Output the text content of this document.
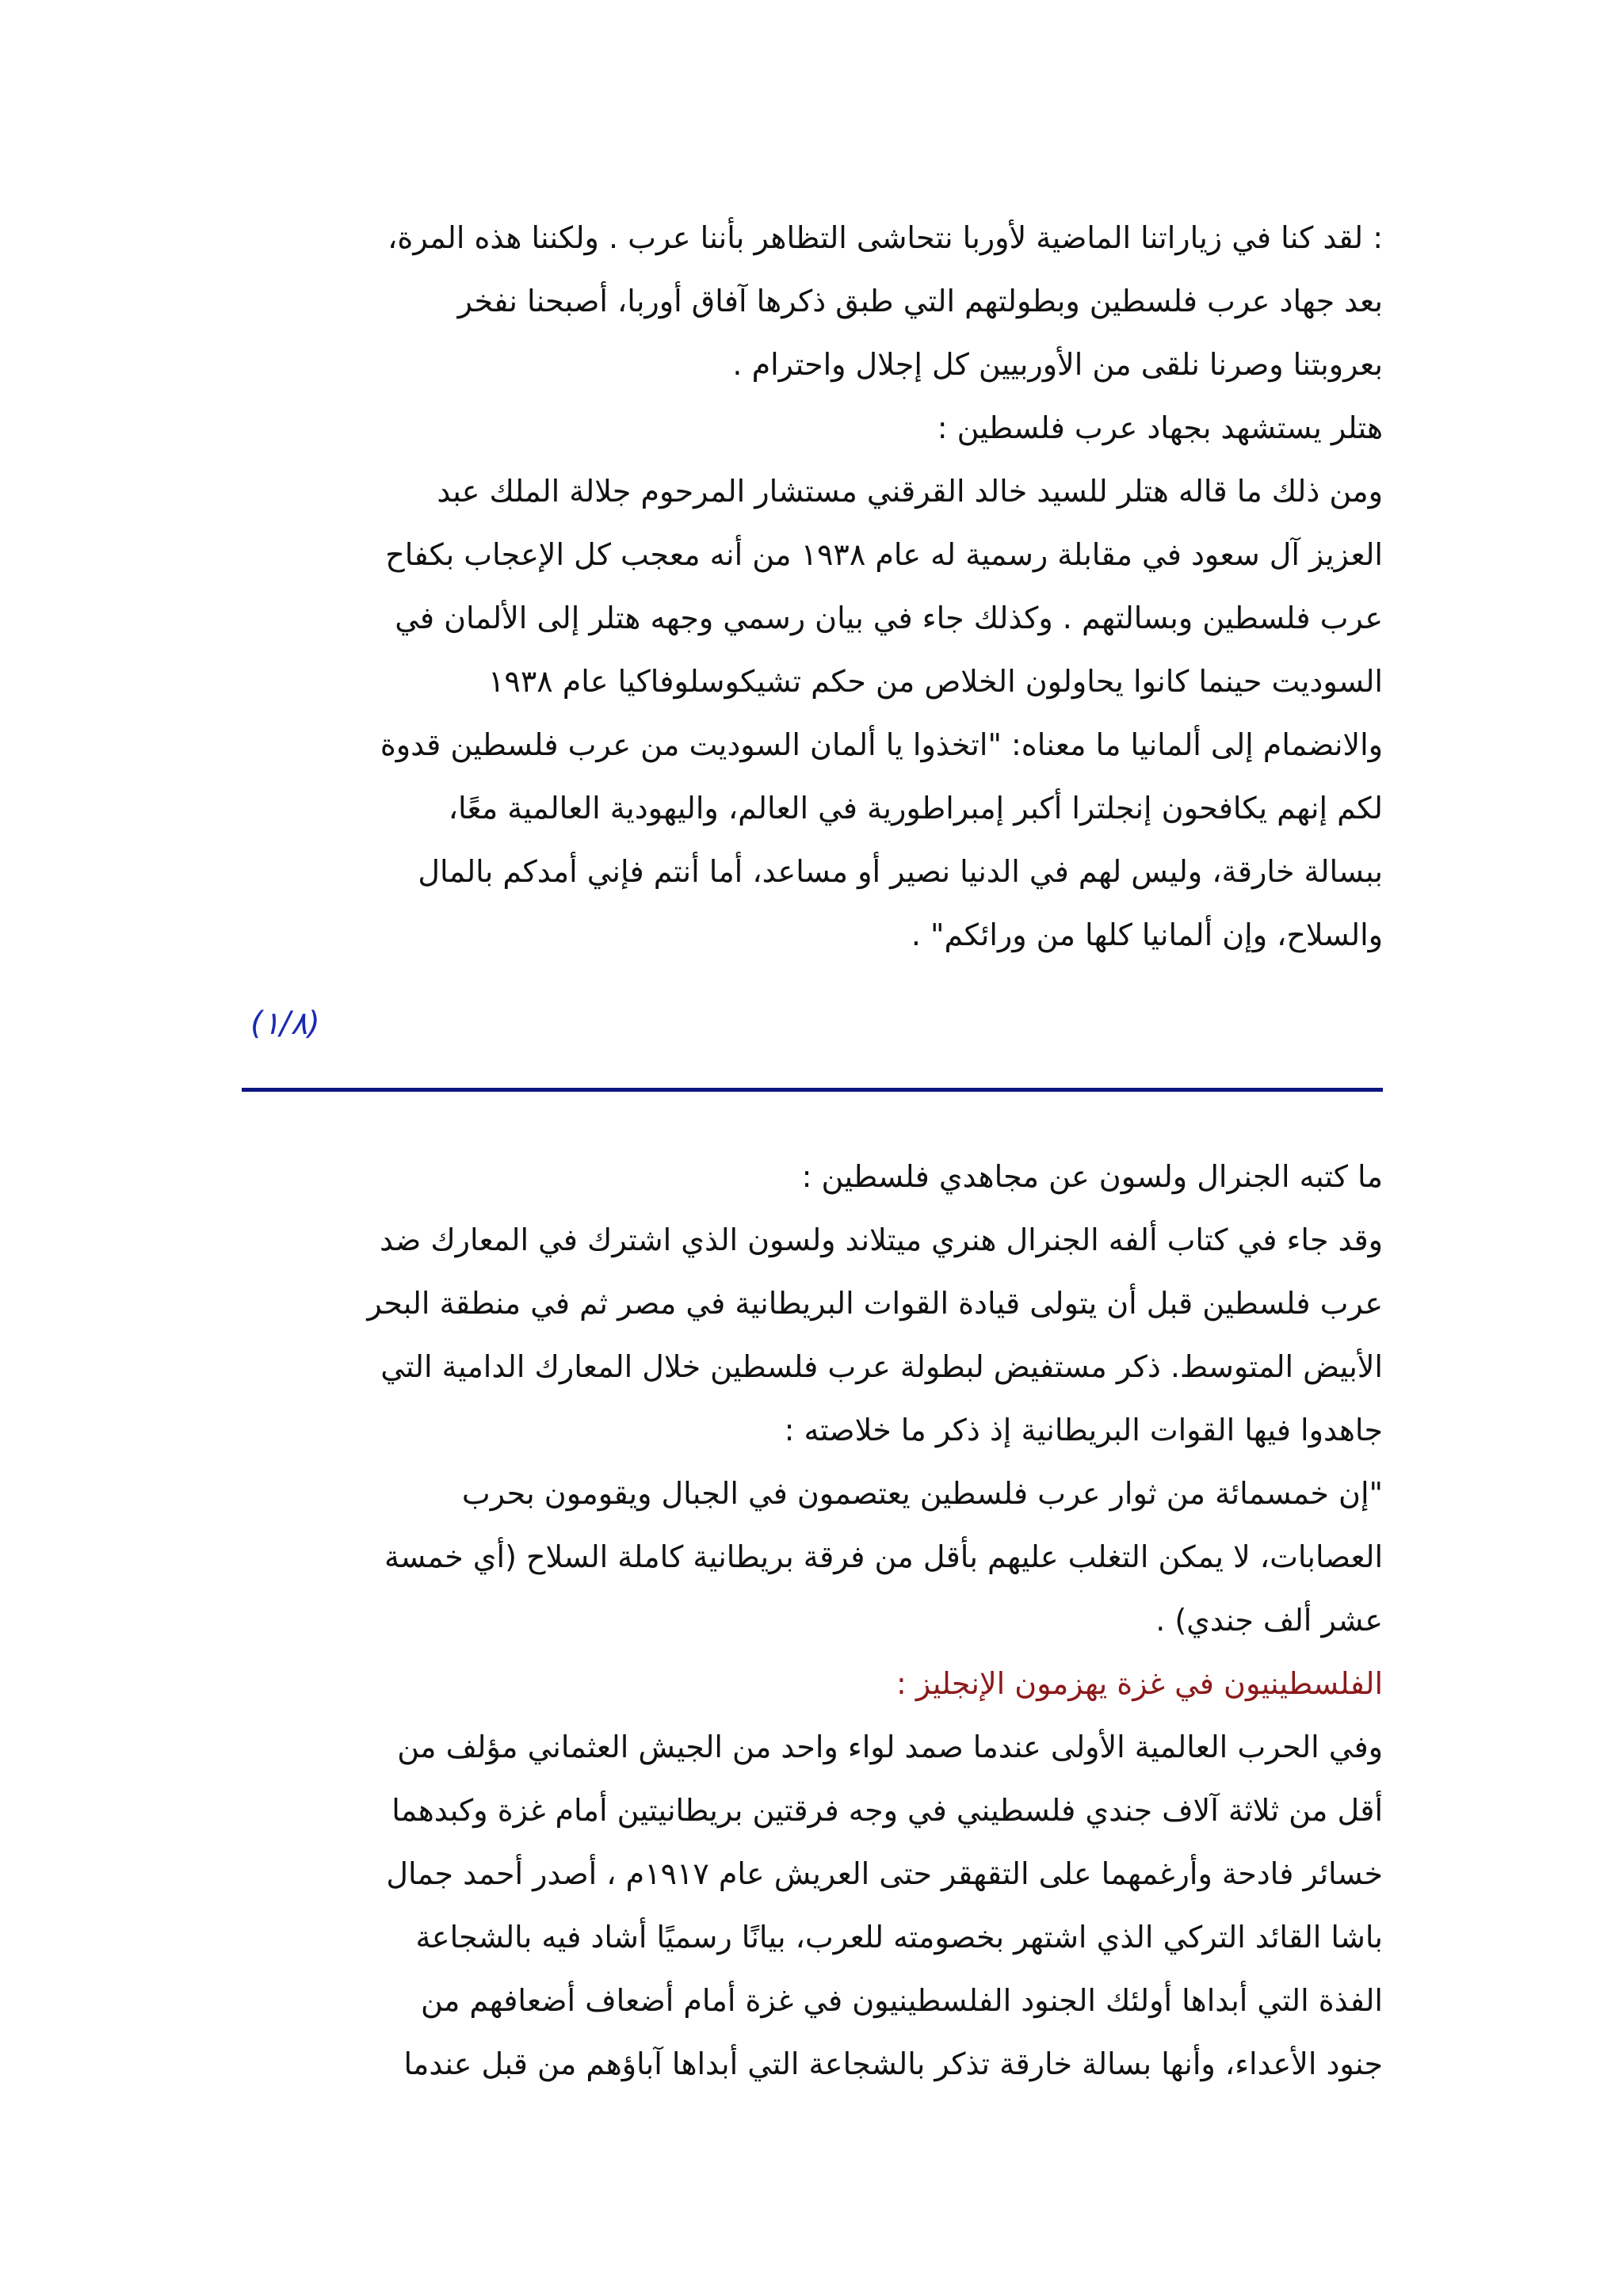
: لقد كنا في زياراتنا الماضية لأوربا نتحاشى التظاهر بأننا عرب . ولكننا هذه المرة،
بعد جهاد عرب فلسطين وبطولتهم التي طبق ذكرها آفاق أوربا، أصبحنا نفخر
بعروبتنا وصرنا نلقى من الأوربيين كل إجلال واحترام .
هتلر يستشهد بجهاد عرب فلسطين :
ومن ذلك ما قاله هتلر للسيد خالد القرقني مستشار المرحوم جلالة الملك عبد
العزيز آل سعود في مقابلة رسمية له عام ١٩٣٨ من أنه معجب كل الإعجاب بكفاح
عرب فلسطين وبسالتهم . وكذلك جاء في بيان رسمي وجهه هتلر إلى الألمان في
السوديت حينما كانوا يحاولون الخلاص من حكم تشيكوسلوفاكيا عام ١٩٣٨
والانضمام إلى ألمانيا ما معناه: "اتخذوا يا ألمان السوديت من عرب فلسطين قدوة
لكم إنهم يكافحون إنجلترا أكبر إمبراطورية في العالم، واليهودية العالمية معًا،
ببسالة خارقة، وليس لهم في الدنيا نصير أو مساعد، أما أنتم فإني أمدكم بالمال
والسلاح، وإن ألمانيا كلها من ورائكم" .
(١/٨)
ما كتبه الجنرال ولسون عن مجاهدي فلسطين :
وقد جاء في كتاب ألفه الجنرال هنري ميتلاند ولسون الذي اشترك في المعارك ضد
عرب فلسطين قبل أن يتولى قيادة القوات البريطانية في مصر ثم في منطقة البحر
الأبيض المتوسط. ذكر مستفيض لبطولة عرب فلسطين خلال المعارك الدامية التي
جاهدوا فيها القوات البريطانية إذ ذكر ما خلاصته :
"إن خمسمائة من ثوار عرب فلسطين يعتصمون في الجبال ويقومون بحرب
العصابات، لا يمكن التغلب عليهم بأقل من فرقة بريطانية كاملة السلاح (أي خمسة
عشر ألف جندي) .
الفلسطينيون في غزة يهزمون الإنجليز :
وفي الحرب العالمية الأولى عندما صمد لواء واحد من الجيش العثماني مؤلف من
أقل من ثلاثة آلاف جندي فلسطيني في وجه فرقتين بريطانيتين أمام غزة وكبدهما
خسائر فادحة وأرغمهما على التقهقر حتى العريش عام ١٩١٧م ، أصدر أحمد جمال
باشا القائد التركي الذي اشتهر بخصومته للعرب، بيانًا رسميًا أشاد فيه بالشجاعة
الفذة التي أبداها أولئك الجنود الفلسطينيون في غزة أمام أضعاف أضعافهم من
جنود الأعداء، وأنها بسالة خارقة تذكر بالشجاعة التي أبداها آباؤهم من قبل عندما
